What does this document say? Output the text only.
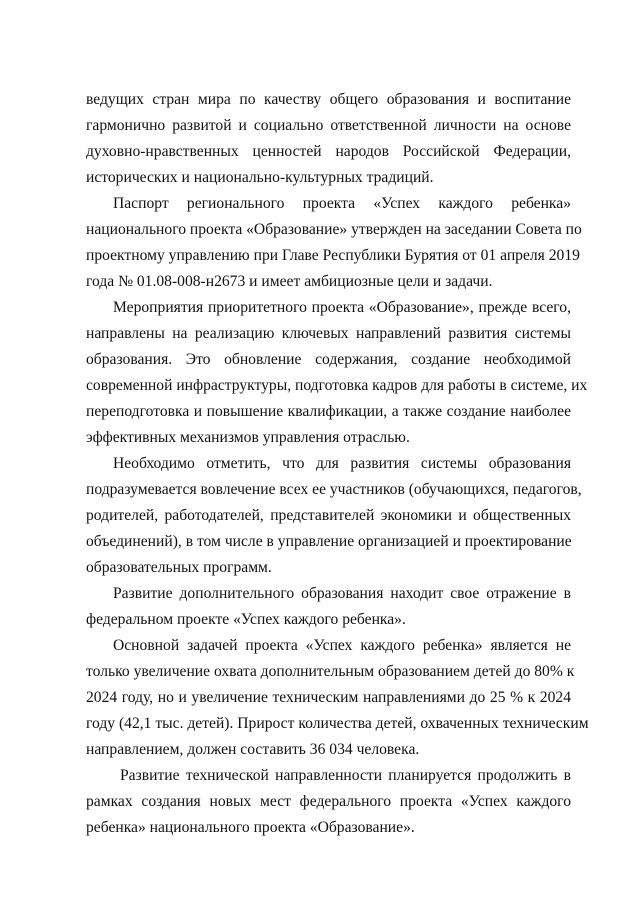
ведущих стран мира по качеству общего образования и воспитание
гармонично развитой и социально ответственной личности на основе
духовно-нравственных ценностей народов Российской Федерации,
исторических и национально-культурных традиций.
Паспорт регионального проекта «Успех каждого ребенка»
национального проекта «Образование» утвержден на заседании Совета по
проектному управлению при Главе Республики Бурятия от 01 апреля 2019
года № 01.08-008-н2673 и имеет амбициозные цели и задачи.
Мероприятия приоритетного проекта «Образование», прежде всего,
направлены на реализацию ключевых направлений развития системы
образования. Это обновление содержания, создание необходимой
современной инфраструктуры, подготовка кадров для работы в системе, их
переподготовка и повышение квалификации, а также создание наиболее
эффективных механизмов управления отраслью.
Необходимо отметить, что для развития системы образования
подразумевается вовлечение всех ее участников (обучающихся, педагогов,
родителей, работодателей, представителей экономики и общественных
объединений), в том числе в управление организацией и проектирование
образовательных программ.
Развитие дополнительного образования находит свое отражение в
федеральном проекте «Успех каждого ребенка».
Основной задачей проекта «Успех каждого ребенка» является не
только увеличение охвата дополнительным образованием детей до 80% к
2024 году, но и увеличение техническим направлениями до 25 % к 2024
году (42,1 тыс. детей). Прирост количества детей, охваченных техническим
направлением, должен составить 36 034 человека.
Развитие технической направленности планируется продолжить в
рамках создания новых мест федерального проекта «Успех каждого
ребенка» национального проекта «Образование».
